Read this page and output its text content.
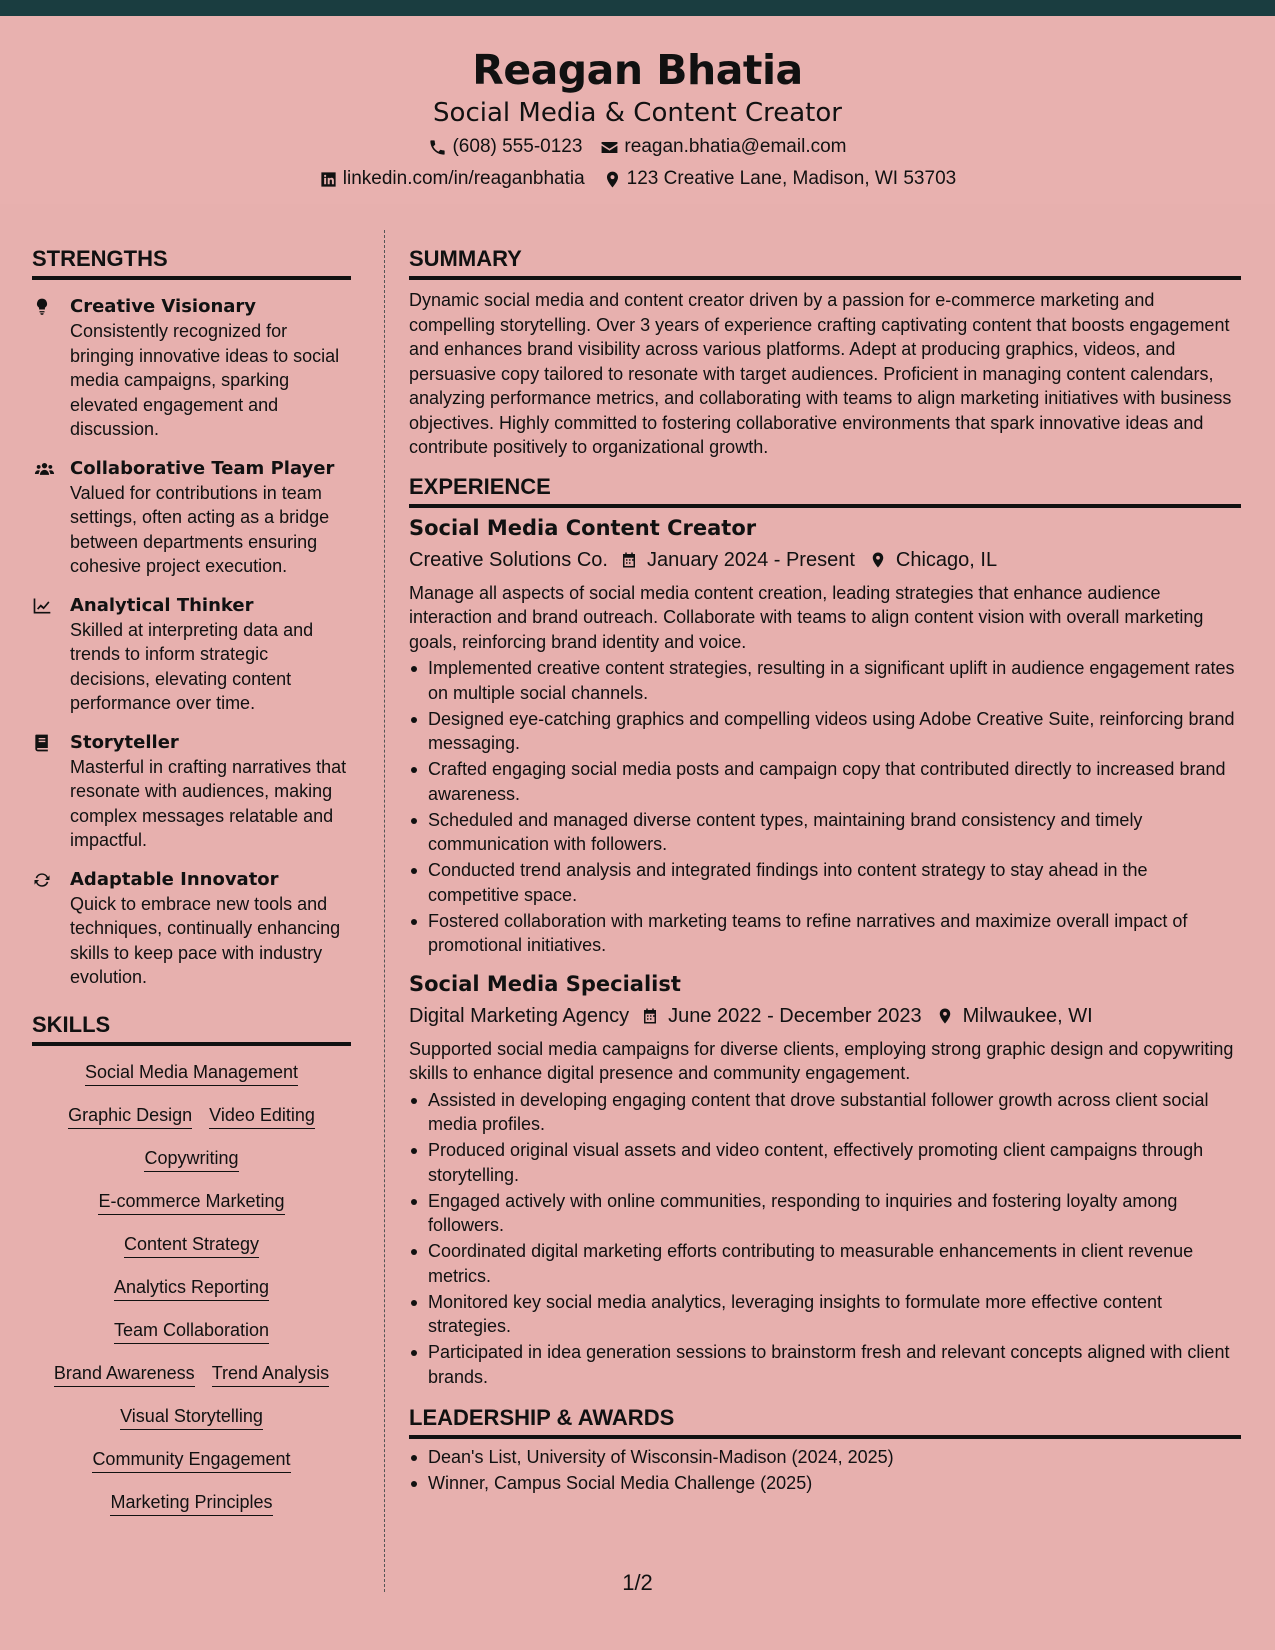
Reagan Bhatia
Social Media & Content Creator
(608) 555-0123 reagan.bhatia@email.com
linkedin.com/in/reaganbhatia 123 Creative Lane, Madison, WI 53703
STRENGTHS
Creative Visionary
Consistently recognized for bringing innovative ideas to social media campaigns, sparking elevated engagement and discussion.
Collaborative Team Player
Valued for contributions in team settings, often acting as a bridge between departments ensuring cohesive project execution.
Analytical Thinker
Skilled at interpreting data and trends to inform strategic decisions, elevating content performance over time.
Storyteller
Masterful in crafting narratives that resonate with audiences, making complex messages relatable and impactful.
Adaptable Innovator
Quick to embrace new tools and techniques, continually enhancing skills to keep pace with industry evolution.
SKILLS
Social Media Management
Graphic Design Video Editing
Copywriting
E-commerce Marketing
Content Strategy
Analytics Reporting
Team Collaboration
Brand Awareness Trend Analysis
Visual Storytelling
Community Engagement
Marketing Principles
SUMMARY
Dynamic social media and content creator driven by a passion for e-commerce marketing and compelling storytelling. Over 3 years of experience crafting captivating content that boosts engagement and enhances brand visibility across various platforms. Adept at producing graphics, videos, and persuasive copy tailored to resonate with target audiences. Proficient in managing content calendars, analyzing performance metrics, and collaborating with teams to align marketing initiatives with business objectives. Highly committed to fostering collaborative environments that spark innovative ideas and contribute positively to organizational growth.
EXPERIENCE
Social Media Content Creator
Creative Solutions Co. January 2024 - Present Chicago, IL
Manage all aspects of social media content creation, leading strategies that enhance audience interaction and brand outreach. Collaborate with teams to align content vision with overall marketing goals, reinforcing brand identity and voice.
Implemented creative content strategies, resulting in a significant uplift in audience engagement rates on multiple social channels.
Designed eye-catching graphics and compelling videos using Adobe Creative Suite, reinforcing brand messaging.
Crafted engaging social media posts and campaign copy that contributed directly to increased brand awareness.
Scheduled and managed diverse content types, maintaining brand consistency and timely communication with followers.
Conducted trend analysis and integrated findings into content strategy to stay ahead in the competitive space.
Fostered collaboration with marketing teams to refine narratives and maximize overall impact of promotional initiatives.
Social Media Specialist
Digital Marketing Agency June 2022 - December 2023 Milwaukee, WI
Supported social media campaigns for diverse clients, employing strong graphic design and copywriting skills to enhance digital presence and community engagement.
Assisted in developing engaging content that drove substantial follower growth across client social media profiles.
Produced original visual assets and video content, effectively promoting client campaigns through storytelling.
Engaged actively with online communities, responding to inquiries and fostering loyalty among followers.
Coordinated digital marketing efforts contributing to measurable enhancements in client revenue metrics.
Monitored key social media analytics, leveraging insights to formulate more effective content strategies.
Participated in idea generation sessions to brainstorm fresh and relevant concepts aligned with client brands.
LEADERSHIP & AWARDS
Dean's List, University of Wisconsin-Madison (2024, 2025)
Winner, Campus Social Media Challenge (2025)
1/2
